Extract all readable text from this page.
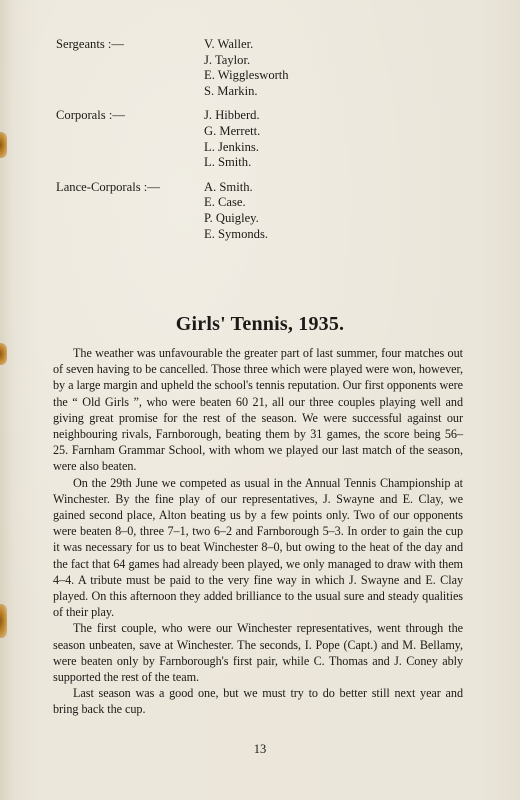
Sergeants :—	V. Waller.
J. Taylor.
E. Wigglesworth
S. Markin.
Corporals :—	J. Hibberd.
G. Merrett.
L. Jenkins.
L. Smith.
Lance-Corporals :—	A. Smith.
E. Case.
P. Quigley.
E. Symonds.
Girls' Tennis, 1935.

The weather was unfavourable the greater part of last summer, four matches out of seven having to be cancelled. Those three which were played were won, however, by a large margin and upheld the school's tennis reputation. Our first opponents were the “ Old Girls ”, who were beaten 60 21, all our three couples playing well and giving great promise for the rest of the season. We were successful against our neighbouring rivals, Farnborough, beating them by 31 games, the score being 56–25. Farnham Grammar School, with whom we played our last match of the season, were also beaten.

On the 29th June we competed as usual in the Annual Tennis Championship at Winchester. By the fine play of our representatives, J. Swayne and E. Clay, we gained second place, Alton beating us by a few points only. Two of our opponents were beaten 8–0, three 7–1, two 6–2 and Farnborough 5–3. In order to gain the cup it was necessary for us to beat Winchester 8–0, but owing to the heat of the day and the fact that 64 games had already been played, we only managed to draw with them 4–4. A tribute must be paid to the very fine way in which J. Swayne and E. Clay played. On this afternoon they added brilliance to the usual sure and steady qualities of their play.

The first couple, who were our Winchester representatives, went through the season unbeaten, save at Winchester. The seconds, I. Pope (Capt.) and M. Bellamy, were beaten only by Farnborough's first pair, while C. Thomas and J. Coney ably supported the rest of the team.

Last season was a good one, but we must try to do better still next year and bring back the cup.

13
